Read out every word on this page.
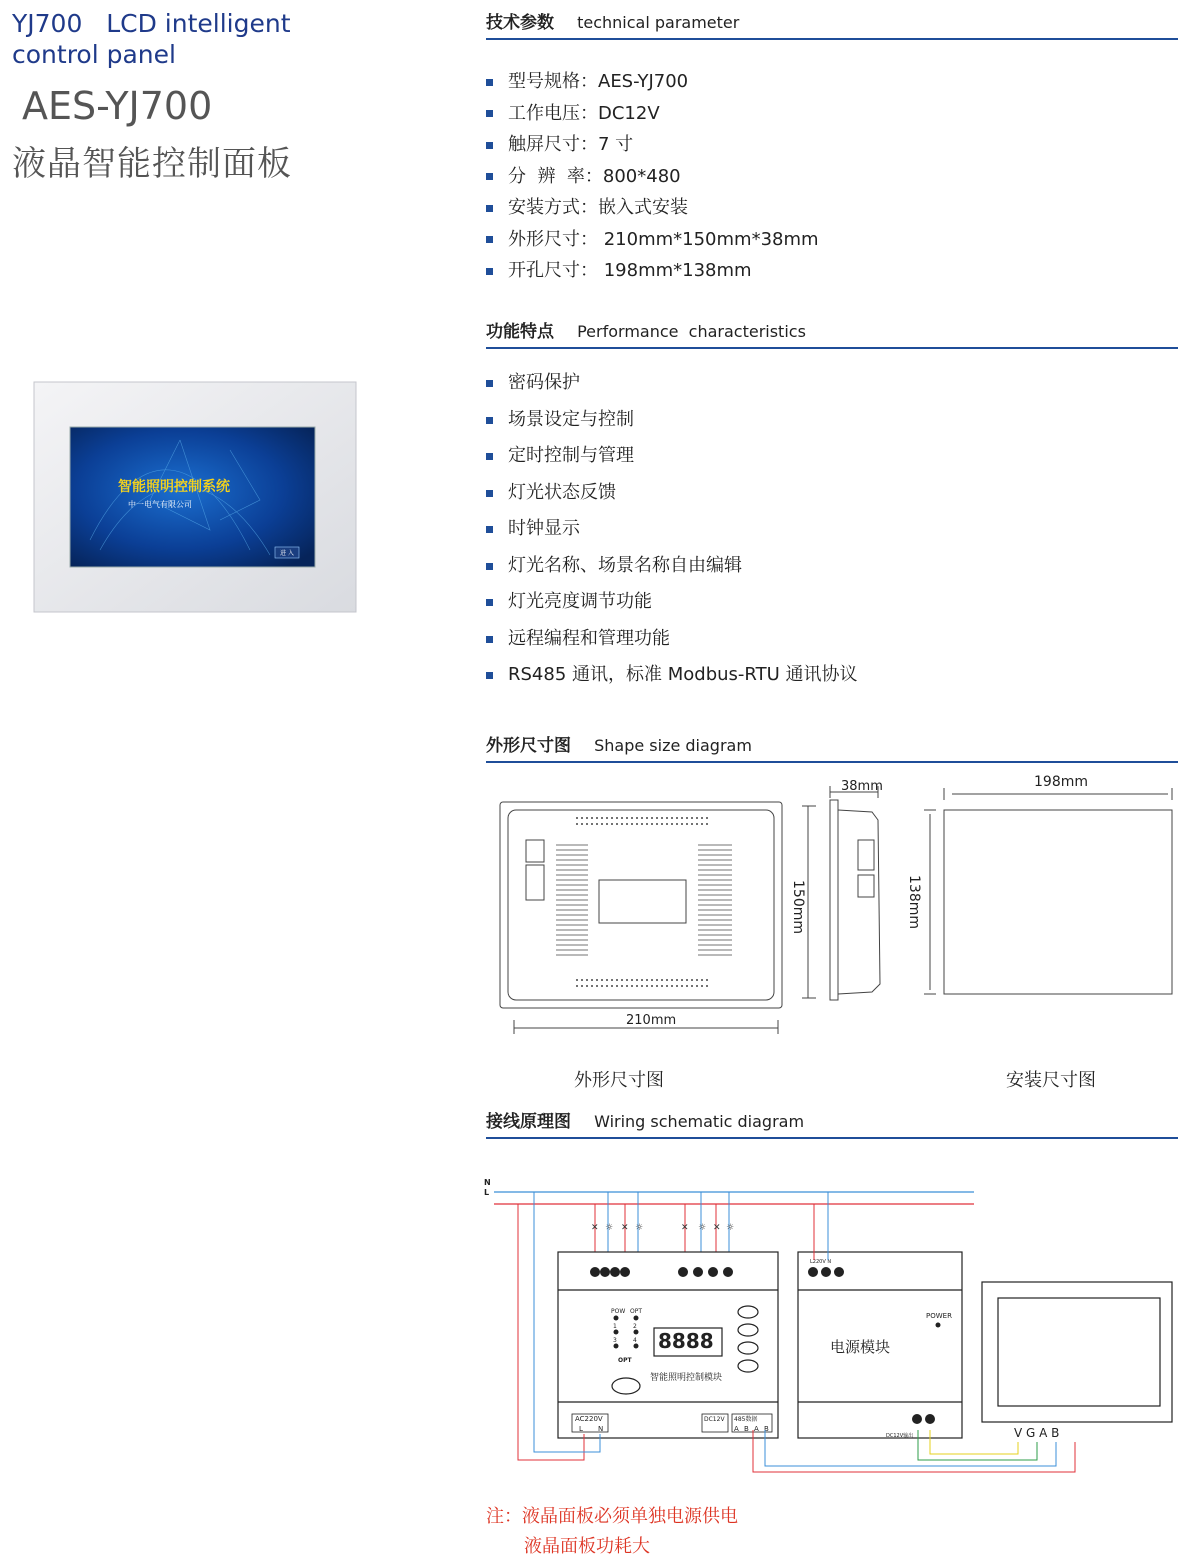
YJ700   LCD intelligent
control panel
AES-YJ700
液晶智能控制面板
智能照明控制系统
中一电气有限公司
进 入
技术参数 technical parameter
型号规格：AES-YJ700
工作电压：DC12V
触屏尺寸：7 寸
分  辨  率：800*480
安装方式：嵌入式安装
外形尺寸： 210mm*150mm*38mm
开孔尺寸： 198mm*138mm
功能特点 Performance  characteristics
密码保护
场景设定与控制
定时控制与管理
灯光状态反馈
时钟显示
灯光名称、场景名称自由编辑
灯光亮度调节功能
远程编程和管理功能
RS485 通讯，标准 Modbus-RTU 通讯协议
外形尺寸图 Shape size diagram
38mm
210mm
198mm
150mm	138mm
外形尺寸图	安装尺寸图
接线原理图 Wiring schematic diagram
N
L
✕ ☼ ✕ ☼	✕ ☼ ✕ ☼
POW OPT
1	2
3	4
OPT
8888
智能照明控制模块
AC220V
L N
DC12V 485数据
A B A B
L220V N
POWER
电源模块
DC12V输出	V G A B
注：液晶面板必须单独电源供电
液晶面板功耗大
